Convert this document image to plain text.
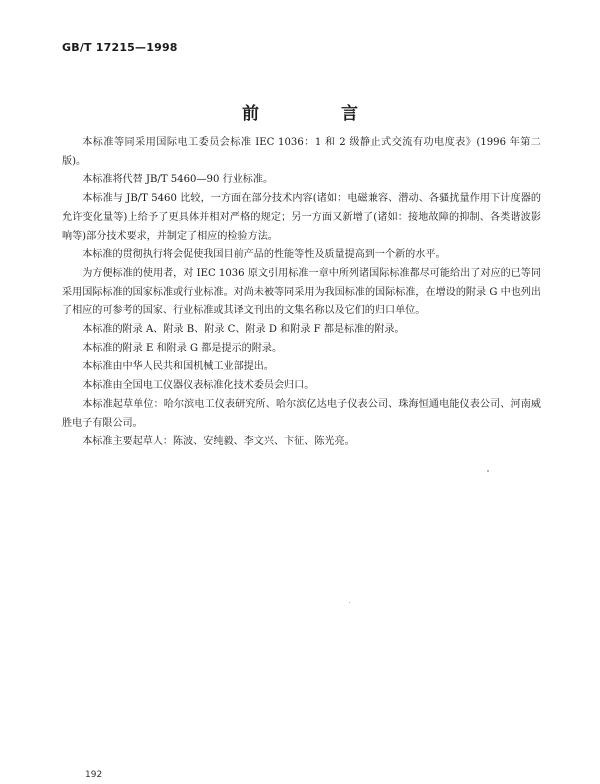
GB/T 17215—1998
前 言

本标准等同采用国际电工委员会标准 IEC 1036：1 和 2 级静止式交流有功电度表》(1996 年第二版)。

本标准将代替 JB/T 5460—90 行业标准。

本标准与 JB/T 5460 比较，一方面在部分技术内容(诸如：电磁兼容、潜动、各骚扰量作用下计度器的允许变化量等)上给予了更具体并相对严格的规定；另一方面又新增了(诸如：接地故障的抑制、各类谐波影响等)部分技术要求，并制定了相应的检验方法。

本标准的贯彻执行将会促使我国目前产品的性能等性及质量提高到一个新的水平。

为方便标准的使用者，对 IEC 1036 原文引用标准一章中所列诸国际标准都尽可能给出了对应的已等同采用国际标准的国家标准或行业标准。对尚未被等同采用为我国标准的国际标准，在增设的附录 G 中也列出了相应的可参考的国家、行业标准或其译文刊出的文集名称以及它们的归口单位。

本标准的附录 A、附录 B、附录 C、附录 D 和附录 F 都是标准的附录。

本标准的附录 E 和附录 G 都是提示的附录。

本标准由中华人民共和国机械工业部提出。

本标准由全国电工仪器仪表标准化技术委员会归口。

本标准起草单位：哈尔滨电工仪表研究所、哈尔滨亿达电子仪表公司、珠海恒通电能仪表公司、河南威胜电子有限公司。

本标准主要起草人：陈波、安纯毅、李文兴、卞征、陈光亮。

192
